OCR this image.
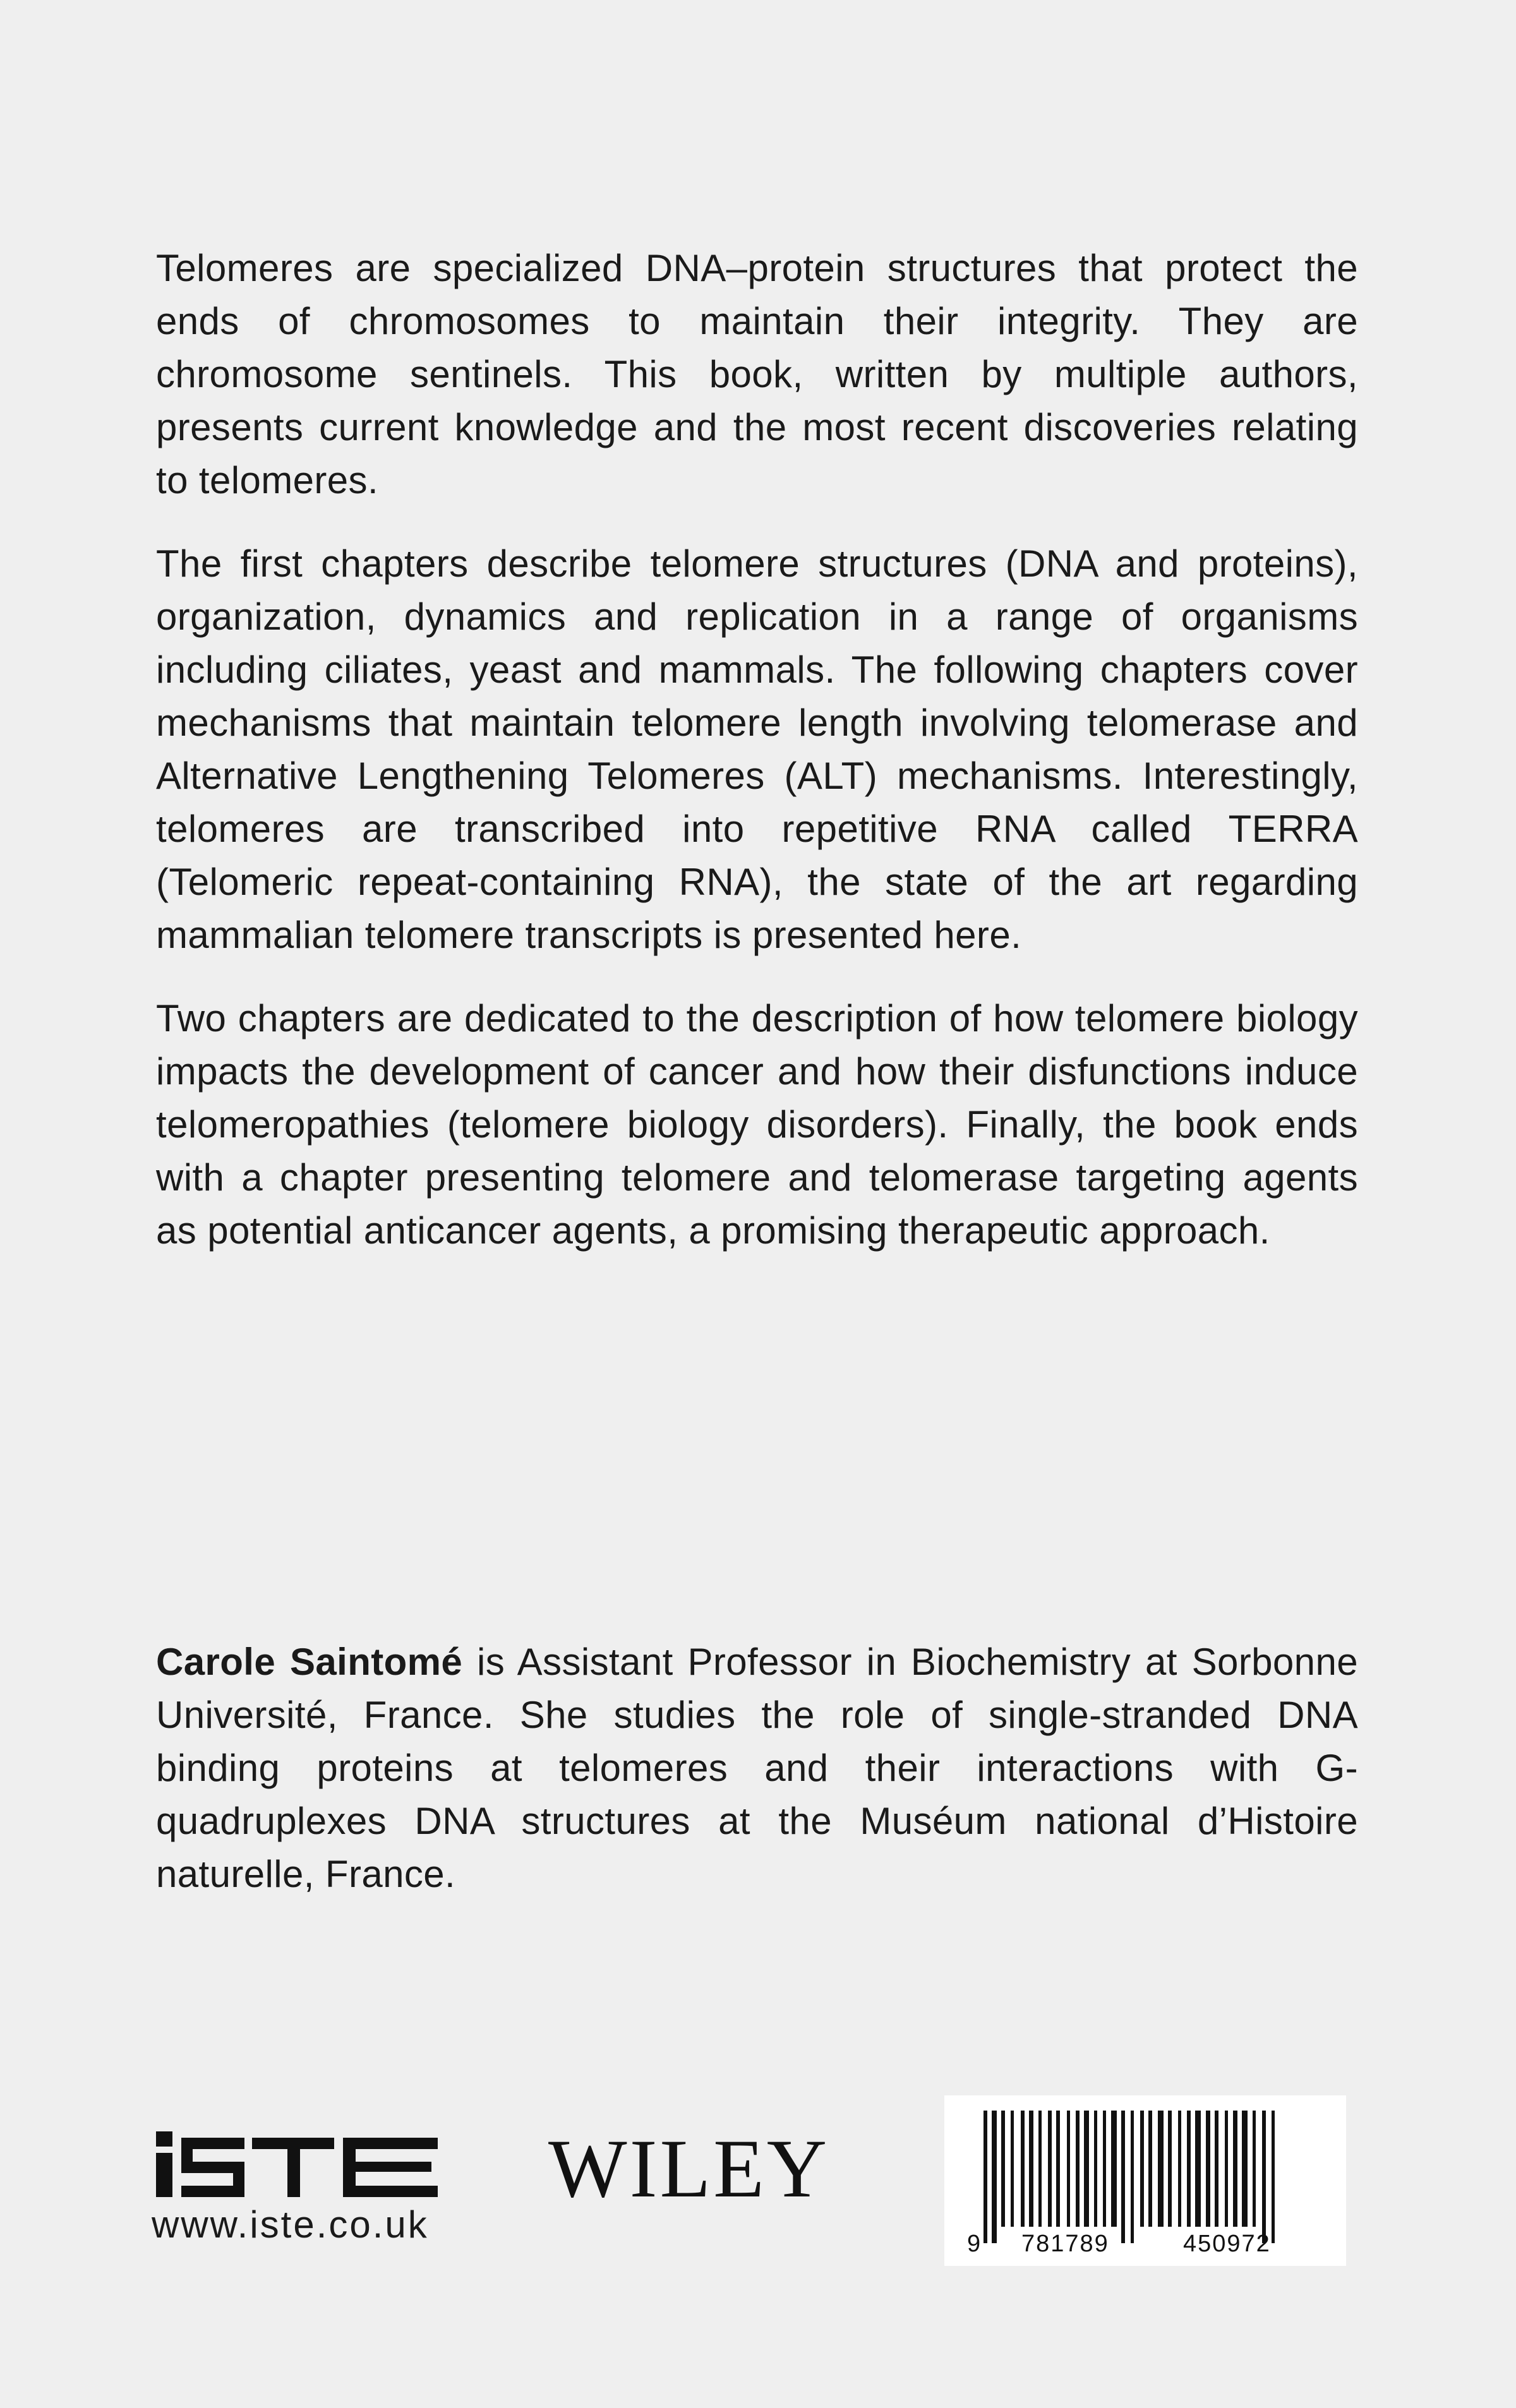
Telomeres are specialized DNA–protein structures that protect the ends of chromosomes to maintain their integrity. They are chromosome sentinels. This book, written by multiple authors, presents current knowledge and the most recent discoveries relating to telomeres.

The first chapters describe telomere structures (DNA and proteins), organization, dynamics and replication in a range of organisms including ciliates, yeast and mammals. The following chapters cover mechanisms that maintain telomere length involving telomerase and Alternative Lengthening Telomeres (ALT) mechanisms. Interestingly, telomeres are transcribed into repetitive RNA called TERRA (Telomeric repeat-containing RNA), the state of the art regarding mammalian telomere transcripts is presented here.

Two chapters are dedicated to the description of how telomere biology impacts the development of cancer and how their disfunctions induce telomeropathies (telomere biology disorders). Finally, the book ends with a chapter presenting telomere and telomerase targeting agents as potential anticancer agents, a promising therapeutic approach.

Carole Saintomé is Assistant Professor in Biochemistry at Sorbonne Université, France. She studies the role of single-stranded DNA binding proteins at telomeres and their interactions with G-quadruplexes DNA structures at the Muséum national d’Histoire naturelle, France.

www.iste.co.uk
WILEY
9 781789	450972
